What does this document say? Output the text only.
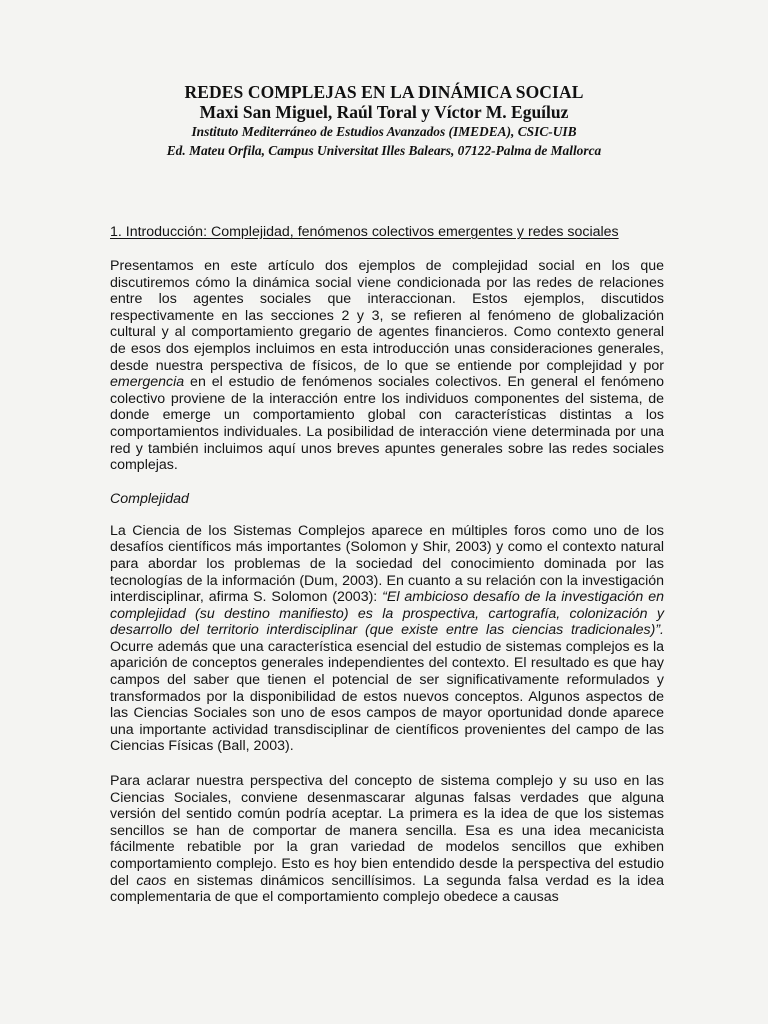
REDES COMPLEJAS EN LA DINÁMICA SOCIAL
Maxi San Miguel, Raúl Toral y Víctor M. Eguíluz
Instituto Mediterráneo de Estudios Avanzados (IMEDEA), CSIC-UIB
Ed. Mateu Orfila, Campus Universitat Illes Balears, 07122-Palma de Mallorca

1. Introducción: Complejidad, fenómenos colectivos emergentes y redes sociales

Presentamos en este artículo dos ejemplos de complejidad social en los que discutiremos cómo la dinámica social viene condicionada por las redes de relaciones entre los agentes sociales que interaccionan. Estos ejemplos, discutidos respectivamente en las secciones 2 y 3, se refieren al fenómeno de globalización cultural y al comportamiento gregario de agentes financieros. Como contexto general de esos dos ejemplos incluimos en esta introducción unas consideraciones generales, desde nuestra perspectiva de físicos, de lo que se entiende por complejidad y por emergencia en el estudio de fenómenos sociales colectivos. En general el fenómeno colectivo proviene de la interacción entre los individuos componentes del sistema, de donde emerge un comportamiento global con características distintas a los comportamientos individuales. La posibilidad de interacción viene determinada por una red y también incluimos aquí unos breves apuntes generales sobre las redes sociales complejas.

Complejidad

La Ciencia de los Sistemas Complejos aparece en múltiples foros como uno de los desafíos científicos más importantes (Solomon y Shir, 2003) y como el contexto natural para abordar los problemas de la sociedad del conocimiento dominada por las tecnologías de la información (Dum, 2003). En cuanto a su relación con la investigación interdisciplinar, afirma S. Solomon (2003): “El ambicioso desafío de la investigación en complejidad (su destino manifiesto) es la prospectiva, cartografía, colonización y desarrollo del territorio interdisciplinar (que existe entre las ciencias tradicionales)”. Ocurre además que una característica esencial del estudio de sistemas complejos es la aparición de conceptos generales independientes del contexto. El resultado es que hay campos del saber que tienen el potencial de ser significativamente reformulados y transformados por la disponibilidad de estos nuevos conceptos. Algunos aspectos de las Ciencias Sociales son uno de esos campos de mayor oportunidad donde aparece una importante actividad transdisciplinar de científicos provenientes del campo de las Ciencias Físicas (Ball, 2003).

Para aclarar nuestra perspectiva del concepto de sistema complejo y su uso en las Ciencias Sociales, conviene desenmascarar algunas falsas verdades que alguna versión del sentido común podría aceptar. La primera es la idea de que los sistemas sencillos se han de comportar de manera sencilla. Esa es una idea mecanicista fácilmente rebatible por la gran variedad de modelos sencillos que exhiben comportamiento complejo. Esto es hoy bien entendido desde la perspectiva del estudio del caos en sistemas dinámicos sencillísimos. La segunda falsa verdad es la idea complementaria de que el comportamiento complejo obedece a causas
